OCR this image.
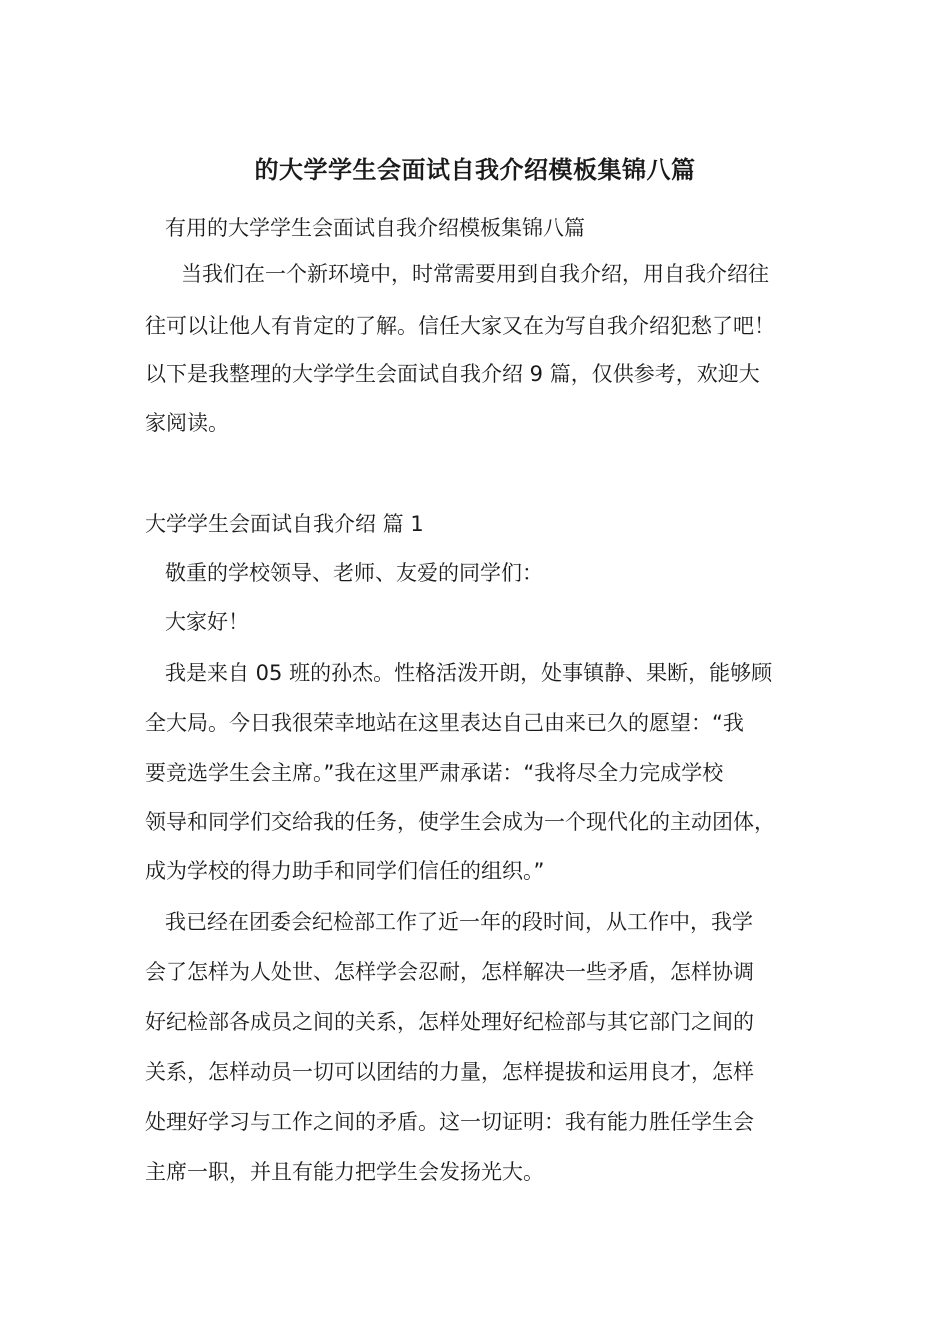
的大学学生会面试自我介绍模板集锦八篇
有用的大学学生会面试自我介绍模板集锦八篇
当我们在一个新环境中，时常需要用到自我介绍，用自我介绍往
往可以让他人有肯定的了解。信任大家又在为写自我介绍犯愁了吧！
以下是我整理的大学学生会面试自我介绍 9 篇，仅供参考，欢迎大
家阅读。
大学学生会面试自我介绍 篇 1
敬重的学校领导、老师、友爱的同学们：
大家好！
我是来自 05 班的孙杰。性格活泼开朗，处事镇静、果断，能够顾
全大局。今日我很荣幸地站在这里表达自己由来已久的愿望：“我
要竞选学生会主席。”我在这里严肃承诺：“我将尽全力完成学校
领导和同学们交给我的任务，使学生会成为一个现代化的主动团体，
成为学校的得力助手和同学们信任的组织。”
我已经在团委会纪检部工作了近一年的段时间，从工作中，我学
会了怎样为人处世、怎样学会忍耐，怎样解决一些矛盾，怎样协调
好纪检部各成员之间的关系，怎样处理好纪检部与其它部门之间的
关系，怎样动员一切可以团结的力量，怎样提拔和运用良才，怎样
处理好学习与工作之间的矛盾。这一切证明：我有能力胜任学生会
主席一职，并且有能力把学生会发扬光大。
